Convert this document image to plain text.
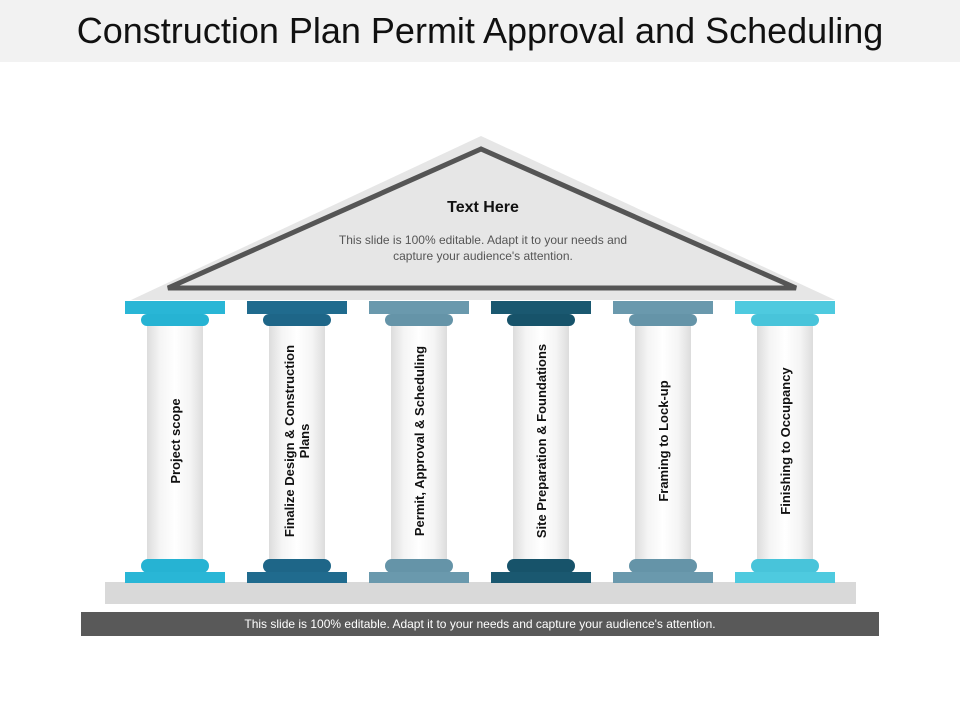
Construction Plan Permit Approval and Scheduling
Text Here
This slide is 100% editable. Adapt it to your needs and capture your audience's attention.
Project scope	Finalize Design & Construction Plans	Permit, Approval & Scheduling	Site Preparation & Foundations	Framing to Lock-up	Finishing to Occupancy
This slide is 100% editable. Adapt it to your needs and capture your audience's attention.
